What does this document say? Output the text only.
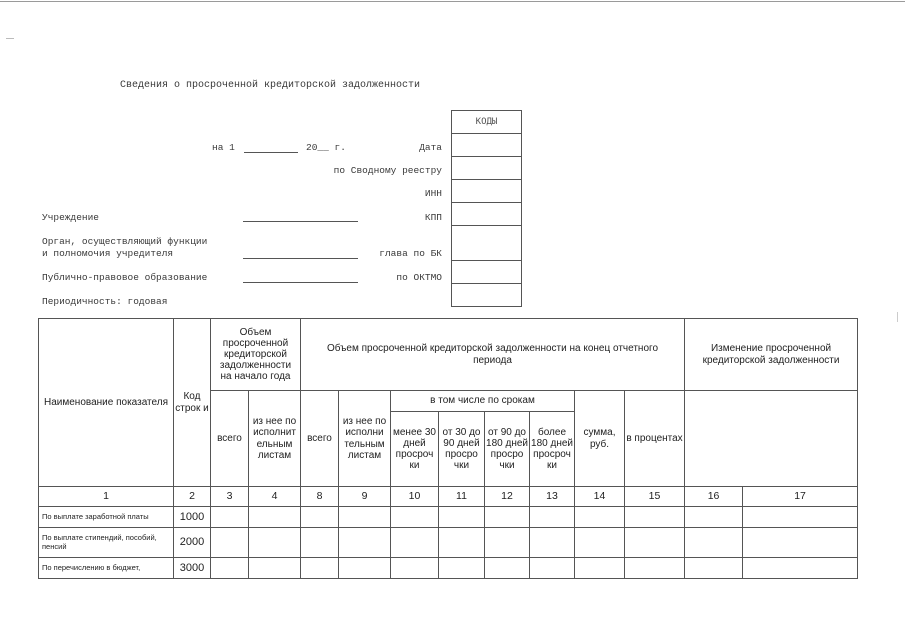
Сведения о просроченной кредиторской задолженности
на 1	20__ г.
Учреждение
Орган, осуществляющий функции
и полномочия учредителя
Публично-правовое образование
Периодичность: годовая
Дата
по Сводному реестру
ИНН
КПП
глава по БК
по ОКТМО
КОДЫ

Наименование показателя	Код строк и	Объем просроченной кредиторской задолженности на начало года		Объем просроченной кредиторской задолженности на конец отчетного периода								Изменение просроченной кредиторской задолженности		
		всего	из нее по исполнит ельным листам	всего	из нее по исполни тельным листам	в том числе по срокам				сумма, руб.	в процентах			
						менее 30 дней просроч ки	от 30 до 90 дней просро чки	от 90 до 180 дней просро чки	более 180 дней просроч ки					
1	2	3	4	8	9	10	11	12	13	14	15	16	17	
По выплате заработной платы	1000													
По выплате стипендий, пособий, пенсий	2000													
По перечислению в бюджет,	3000													
